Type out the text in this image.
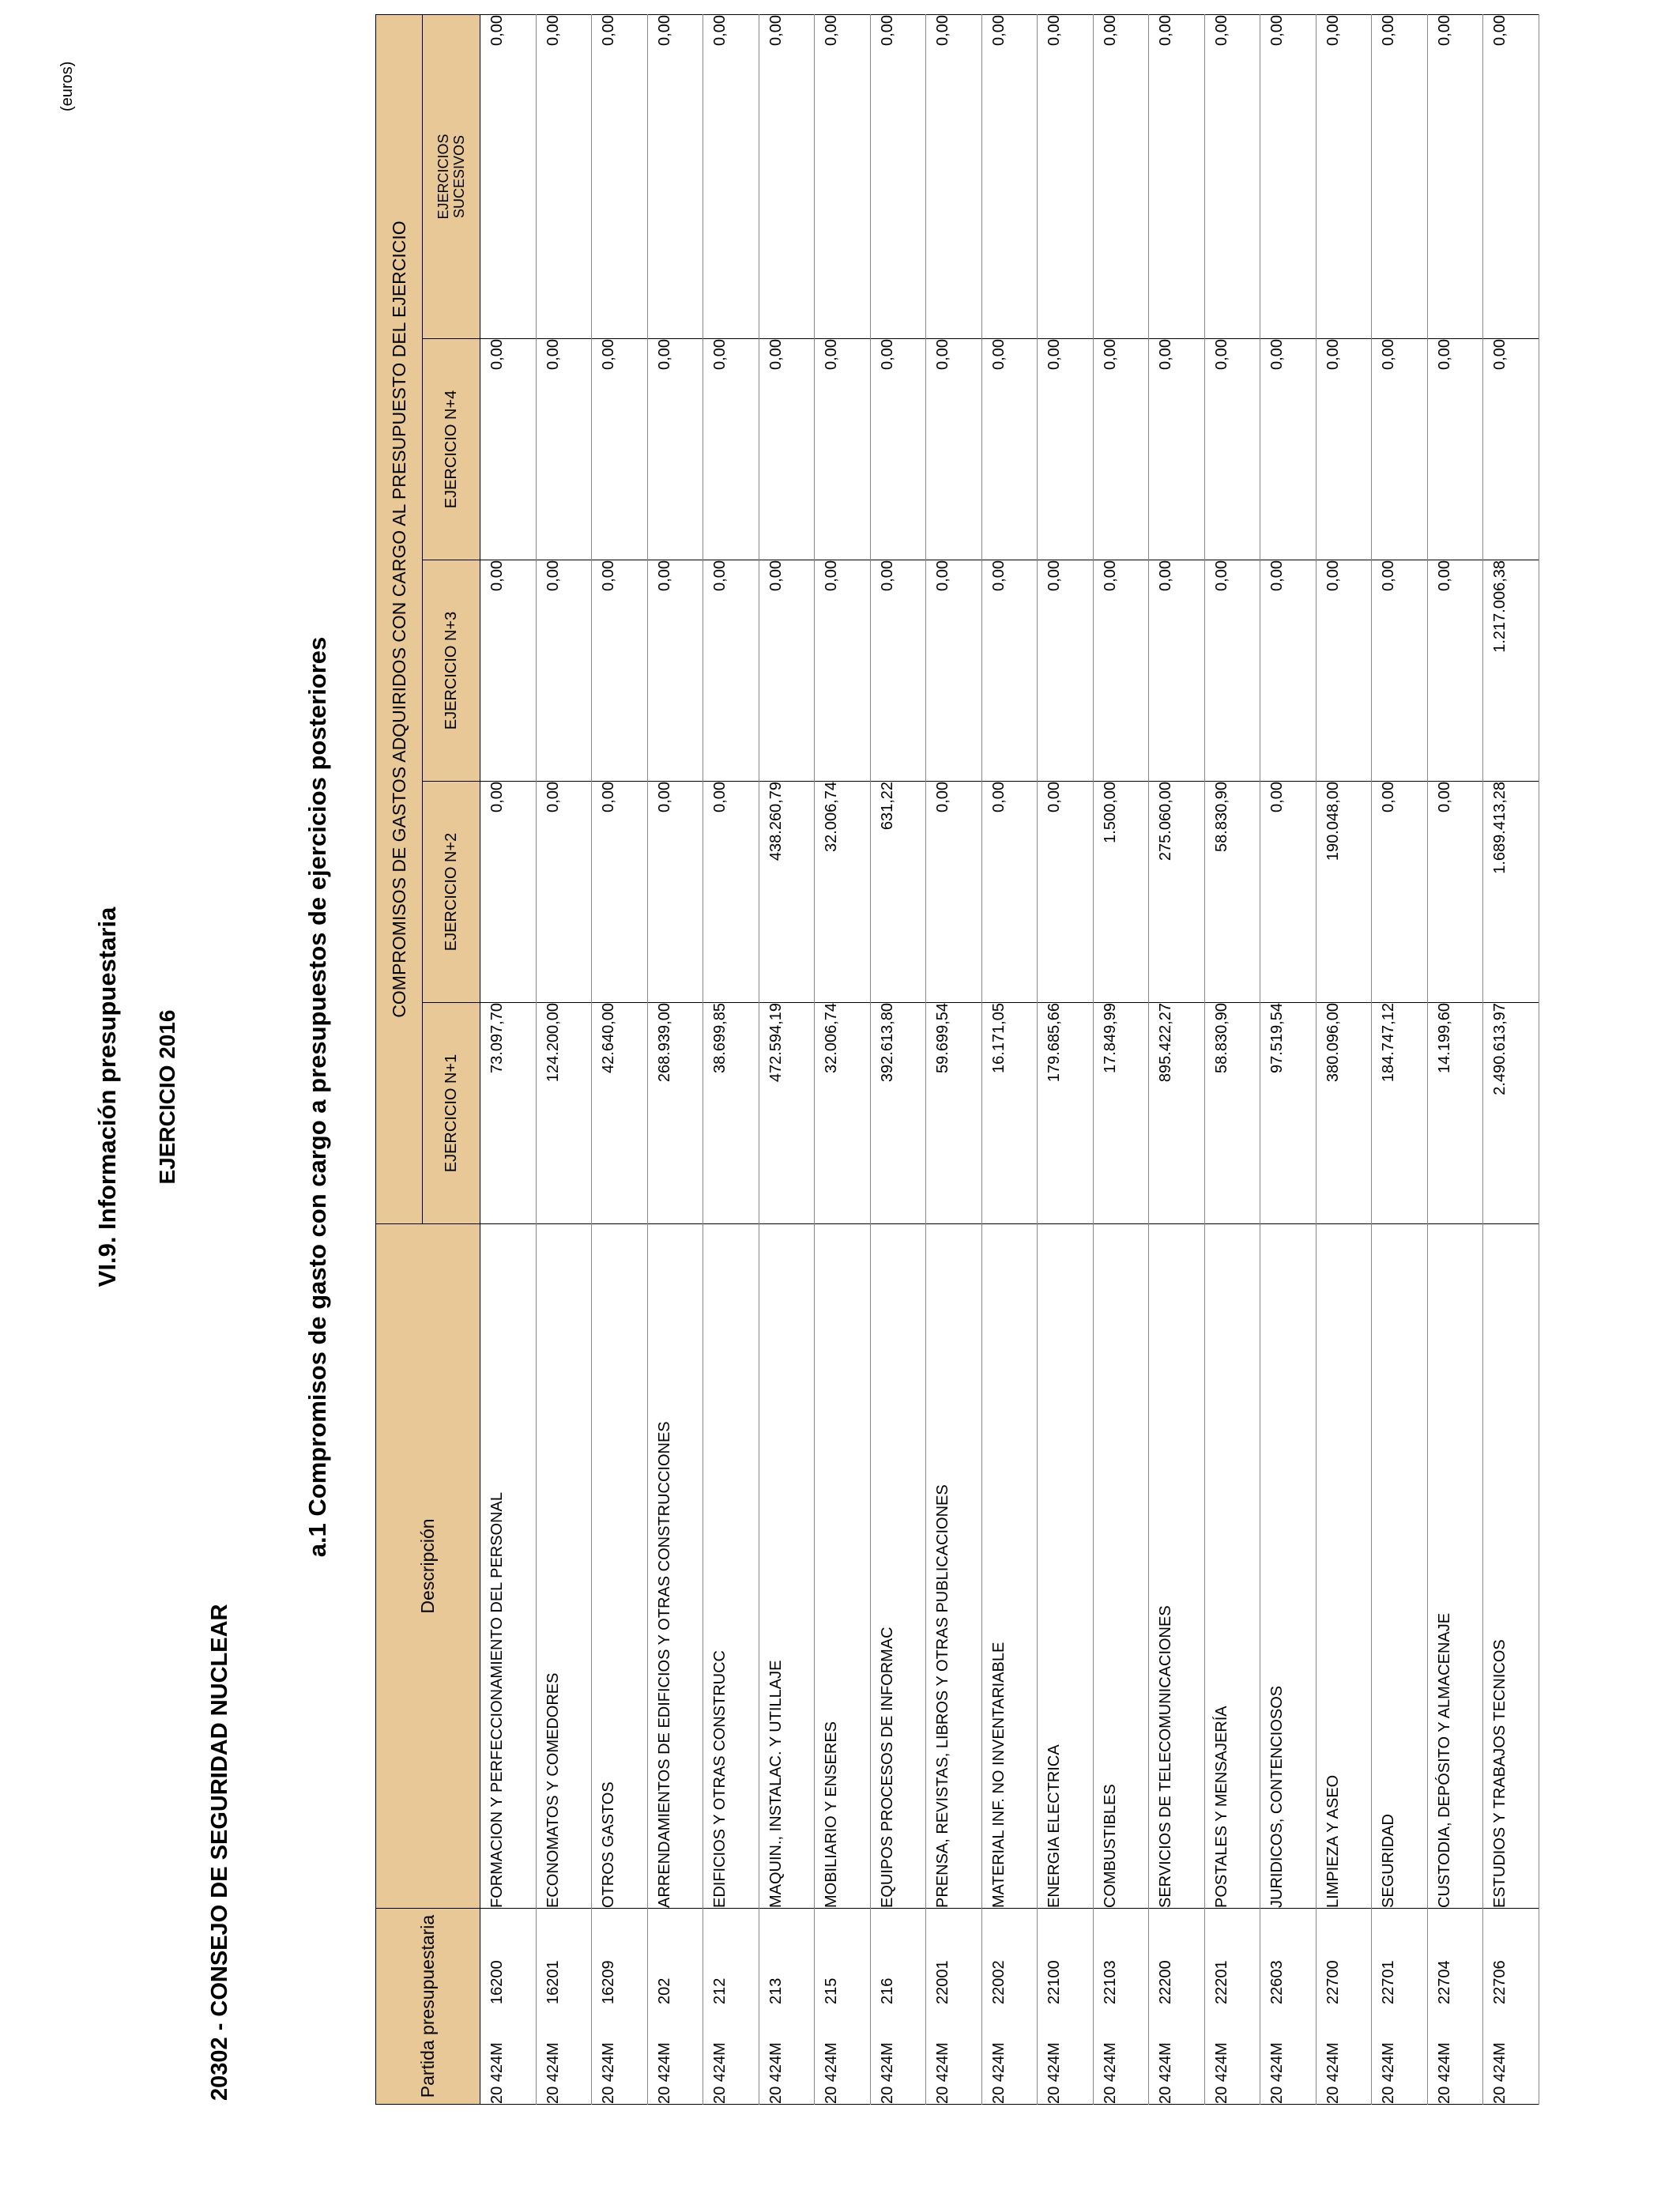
VI.9. Información presupuestaria EJERCICIO 2016
20302 - CONSEJO DE SEGURIDAD NUCLEAR
a.1 Compromisos de gasto con cargo a presupuestos de ejercicios posteriores
(euros)
Partida presupuestaria	Descripción	COMPROMISOS DE GASTOS ADQUIRIDOS CON CARGO AL PRESUPUESTO DEL EJERCICIO				
		EJERCICIO N+1	EJERCICIO N+2	EJERCICIO N+3	EJERCICIO N+4	EJERCICIOS SUCESIVOS

20 424M16200	FORMACION Y PERFECCIONAMIENTO DEL PERSONAL	73.097,70	0,00	0,00	0,00	0,00
20 424M16201	ECONOMATOS Y COMEDORES	124.200,00	0,00	0,00	0,00	0,00
20 424M16209	OTROS GASTOS	42.640,00	0,00	0,00	0,00	0,00
20 424M202	ARRENDAMIENTOS DE EDIFICIOS Y OTRAS CONSTRUCCIONES	268.939,00	0,00	0,00	0,00	0,00
20 424M212	EDIFICIOS Y OTRAS CONSTRUCC	38.699,85	0,00	0,00	0,00	0,00
20 424M213	MAQUIN., INSTALAC. Y UTILLAJE	472.594,19	438.260,79	0,00	0,00	0,00
20 424M215	MOBILIARIO Y ENSERES	32.006,74	32.006,74	0,00	0,00	0,00
20 424M216	EQUIPOS PROCESOS DE INFORMAC	392.613,80	631,22	0,00	0,00	0,00
20 424M22001	PRENSA, REVISTAS, LIBROS Y OTRAS PUBLICACIONES	59.699,54	0,00	0,00	0,00	0,00
20 424M22002	MATERIAL INF. NO INVENTARIABLE	16.171,05	0,00	0,00	0,00	0,00
20 424M22100	ENERGIA ELECTRICA	179.685,66	0,00	0,00	0,00	0,00
20 424M22103	COMBUSTIBLES	17.849,99	1.500,00	0,00	0,00	0,00
20 424M22200	SERVICIOS DE TELECOMUNICACIONES	895.422,27	275.060,00	0,00	0,00	0,00
20 424M22201	POSTALES Y MENSAJERÍA	58.830,90	58.830,90	0,00	0,00	0,00
20 424M22603	JURIDICOS, CONTENCIOSOS	97.519,54	0,00	0,00	0,00	0,00
20 424M22700	LIMPIEZA Y ASEO	380.096,00	190.048,00	0,00	0,00	0,00
20 424M22701	SEGURIDAD	184.747,12	0,00	0,00	0,00	0,00
20 424M22704	CUSTODIA, DEPÓSITO Y ALMACENAJE	14.199,60	0,00	0,00	0,00	0,00
20 424M22706	ESTUDIOS Y TRABAJOS TECNICOS	2.490.613,97	1.689.413,28	1.217.006,38	0,00	0,00
